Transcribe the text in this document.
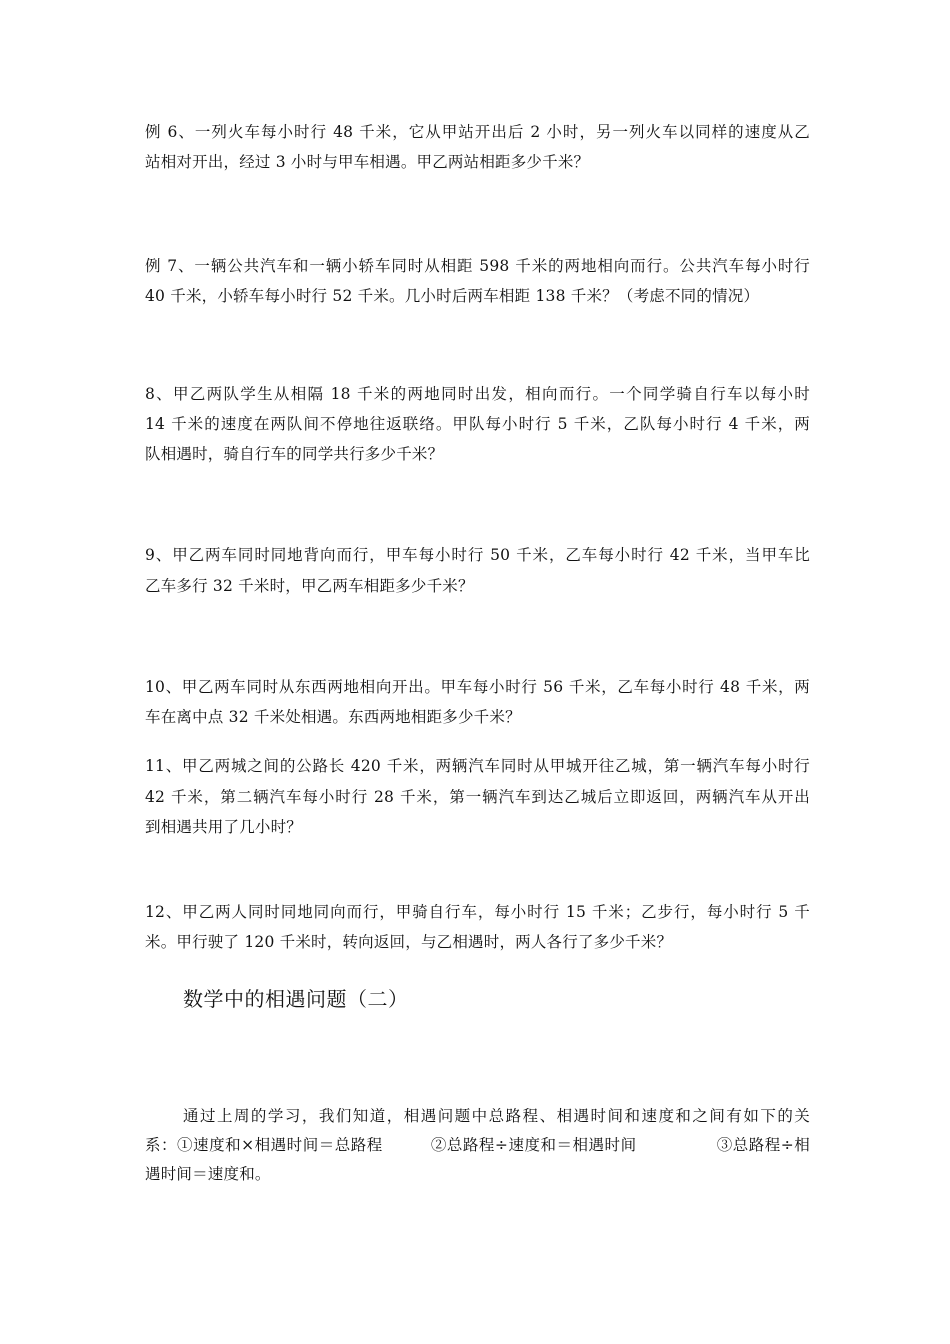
例 6、一列火车每小时行 48 千米，它从甲站开出后 2 小时，另一列火车以同样的速度从乙
站相对开出，经过 3 小时与甲车相遇。甲乙两站相距多少千米？
例 7、一辆公共汽车和一辆小轿车同时从相距 598 千米的两地相向而行。公共汽车每小时行
40 千米，小轿车每小时行 52 千米。几小时后两车相距 138 千米？（考虑不同的情况）
8、甲乙两队学生从相隔 18 千米的两地同时出发，相向而行。一个同学骑自行车以每小时
14 千米的速度在两队间不停地往返联络。甲队每小时行 5 千米，乙队每小时行 4 千米，两
队相遇时，骑自行车的同学共行多少千米？
9、甲乙两车同时同地背向而行，甲车每小时行 50 千米，乙车每小时行 42 千米，当甲车比
乙车多行 32 千米时，甲乙两车相距多少千米？
10、甲乙两车同时从东西两地相向开出。甲车每小时行 56 千米，乙车每小时行 48 千米，两
车在离中点 32 千米处相遇。东西两地相距多少千米？
11、甲乙两城之间的公路长 420 千米，两辆汽车同时从甲城开往乙城，第一辆汽车每小时行
42 千米，第二辆汽车每小时行 28 千米，第一辆汽车到达乙城后立即返回，两辆汽车从开出
到相遇共用了几小时？
12、甲乙两人同时同地同向而行，甲骑自行车，每小时行 15 千米；乙步行，每小时行 5 千
米。甲行驶了 120 千米时，转向返回，与乙相遇时，两人各行了多少千米？
数学中的相遇问题（二）
通过上周的学习，我们知道，相遇问题中总路程、相遇时间和速度和之间有如下的关
系：①速度和×相遇时间＝总路程　　　②总路程÷速度和＝相遇时间　　　　　③总路程÷相
遇时间＝速度和。
